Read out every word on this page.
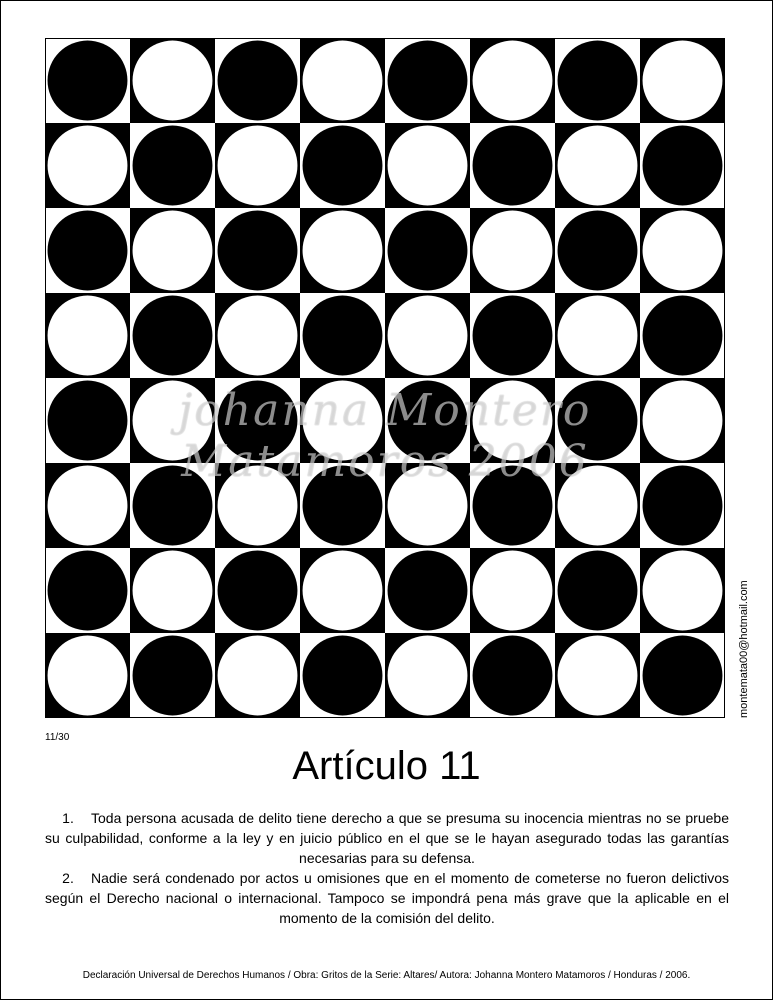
johanna Montero Matamoros 2006
montemata00@hotmail.com
11/30
Artículo 11

1. Toda persona acusada de delito tiene derecho a que se presuma su inocencia mientras no se pruebe su culpabilidad, conforme a la ley y en juicio público en el que se le hayan asegurado todas las garantías necesarias para su defensa.

2. Nadie será condenado por actos u omisiones que en el momento de cometerse no fueron delictivos según el Derecho nacional o internacional. Tampoco se impondrá pena más grave que la aplicable en el momento de la comisión del delito.

Declaración Universal de Derechos Humanos / Obra: Gritos de la Serie: Altares/ Autora: Johanna Montero Matamoros / Honduras / 2006.
